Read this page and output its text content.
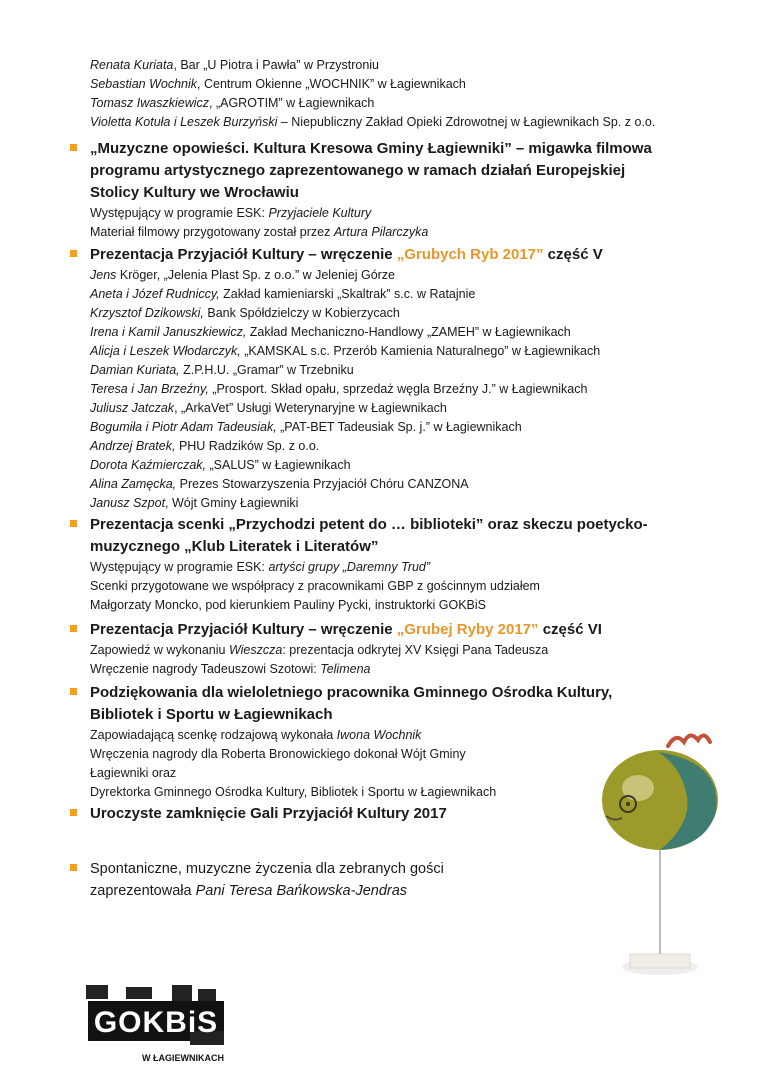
Renata Kuriata, Bar „U Piotra i Pawła” w Przystroniu
Sebastian Wochnik, Centrum Okienne „WOCHNIK” w Łagiewnikach
Tomasz Iwaszkiewicz, „AGROTIM” w Łagiewnikach
Violetta Kotuła i Leszek Burzyński – Niepubliczny Zakład Opieki Zdrowotnej w Łagiewnikach Sp. z o.o.
„Muzyczne opowieści. Kultura Kresowa Gminy Łagiewniki” – migawka filmowa
programu artystycznego zaprezentowanego w ramach działań Europejskiej
Stolicy Kultury we Wrocławiu
Występujący w programie ESK: Przyjaciele Kultury
Materiał filmowy przygotowany został przez Artura Pilarczyka
Prezentacja Przyjaciół Kultury – wręczenie „Grubych Ryb 2017” część V
Jens Kröger, „Jelenia Plast Sp. z o.o.” w Jeleniej Górze
Aneta i Józef Rudniccy, Zakład kamieniarski „Skaltrak” s.c. w Ratajnie
Krzysztof Dzikowski, Bank Spółdzielczy w Kobierzycach
Irena i Kamil Januszkiewicz, Zakład Mechaniczno-Handlowy „ZAMEH” w Łagiewnikach
Alicja i Leszek Włodarczyk, „KAMSKAL s.c. Przerób Kamienia Naturalnego” w Łagiewnikach
Damian Kuriata, Z.P.H.U. „Gramar” w Trzebniku
Teresa i Jan Brzeźny, „Prosport. Skład opału, sprzedaż węgla Brzeźny J.” w Łagiewnikach
Juliusz Jatczak, „ArkaVet” Usługi Weterynaryjne w Łagiewnikach
Bogumiła i Piotr Adam Tadeusiak, „PAT-BET Tadeusiak Sp. j.” w Łagiewnikach
Andrzej Bratek, PHU Radzików Sp. z o.o.
Dorota Kaźmierczak, „SALUS” w Łagiewnikach
Alina Zamęcka, Prezes Stowarzyszenia Przyjaciół Chóru CANZONA
Janusz Szpot, Wójt Gminy Łagiewniki
Prezentacja scenki „Przychodzi petent do … biblioteki” oraz skeczu poetycko-
muzycznego „Klub Literatek i Literatów”
Występujący w programie ESK: artyści grupy „Daremny Trud”
Scenki przygotowane we współpracy z pracownikami GBP z gościnnym udziałem
Małgorzaty Moncko, pod kierunkiem Pauliny Pycki, instruktorki GOKBiS
Prezentacja Przyjaciół Kultury – wręczenie „Grubej Ryby 2017” część VI
Zapowiedź w wykonaniu Wieszcza: prezentacja odkrytej XV Księgi Pana Tadeusza
Wręczenie nagrody Tadeuszowi Szotowi: Telimena
Podziękowania dla wieloletniego pracownika Gminnego Ośrodka Kultury,
Bibliotek i Sportu w Łagiewnikach
Zapowiadającą scenkę rodzajową wykonała Iwona Wochnik
Wręczenia nagrody dla Roberta Bronowickiego dokonał Wójt Gminy
Łagiewniki oraz
Dyrektorka Gminnego Ośrodka Kultury, Bibliotek i Sportu w Łagiewnikach
Uroczyste zamknięcie Gali Przyjaciół Kultury 2017
Spontaniczne, muzyczne życzenia dla zebranych gości
zaprezentowała Pani Teresa Bańkowska-Jendras
GOKBiS
W ŁAGIEWNIKACH
